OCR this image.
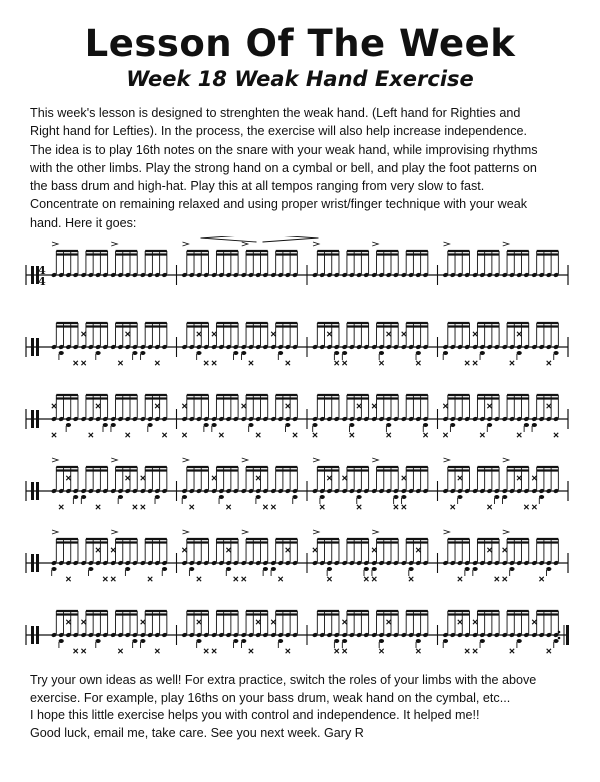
Lesson Of The Week
Week 18 Weak Hand Exercise
This week's lesson is designed to strenghten the weak hand. (Left hand for Righties and
Right hand for Lefties). In the process, the exercise will also help increase independence.
The idea is to play 16th notes on the snare with your weak hand, while improvising rhythms
with the other limbs. Play the strong hand on a cymbal or bell, and play the foot patterns on
the bass drum and high-hat. Play this at all tempos ranging from very slow to fast.
Concentrate on remaining relaxed and using proper wrist/finger technique with your weak
hand. Here it goes:
4
4
Try your own ideas as well! For extra practice, switch the roles of your limbs with the above
exercise. For example, play 16ths on your bass drum, weak hand on the cymbal, etc...
I hope this little exercise helps you with control and independence. It helped me!!
Good luck, email me, take care. See you next week. Gary R
